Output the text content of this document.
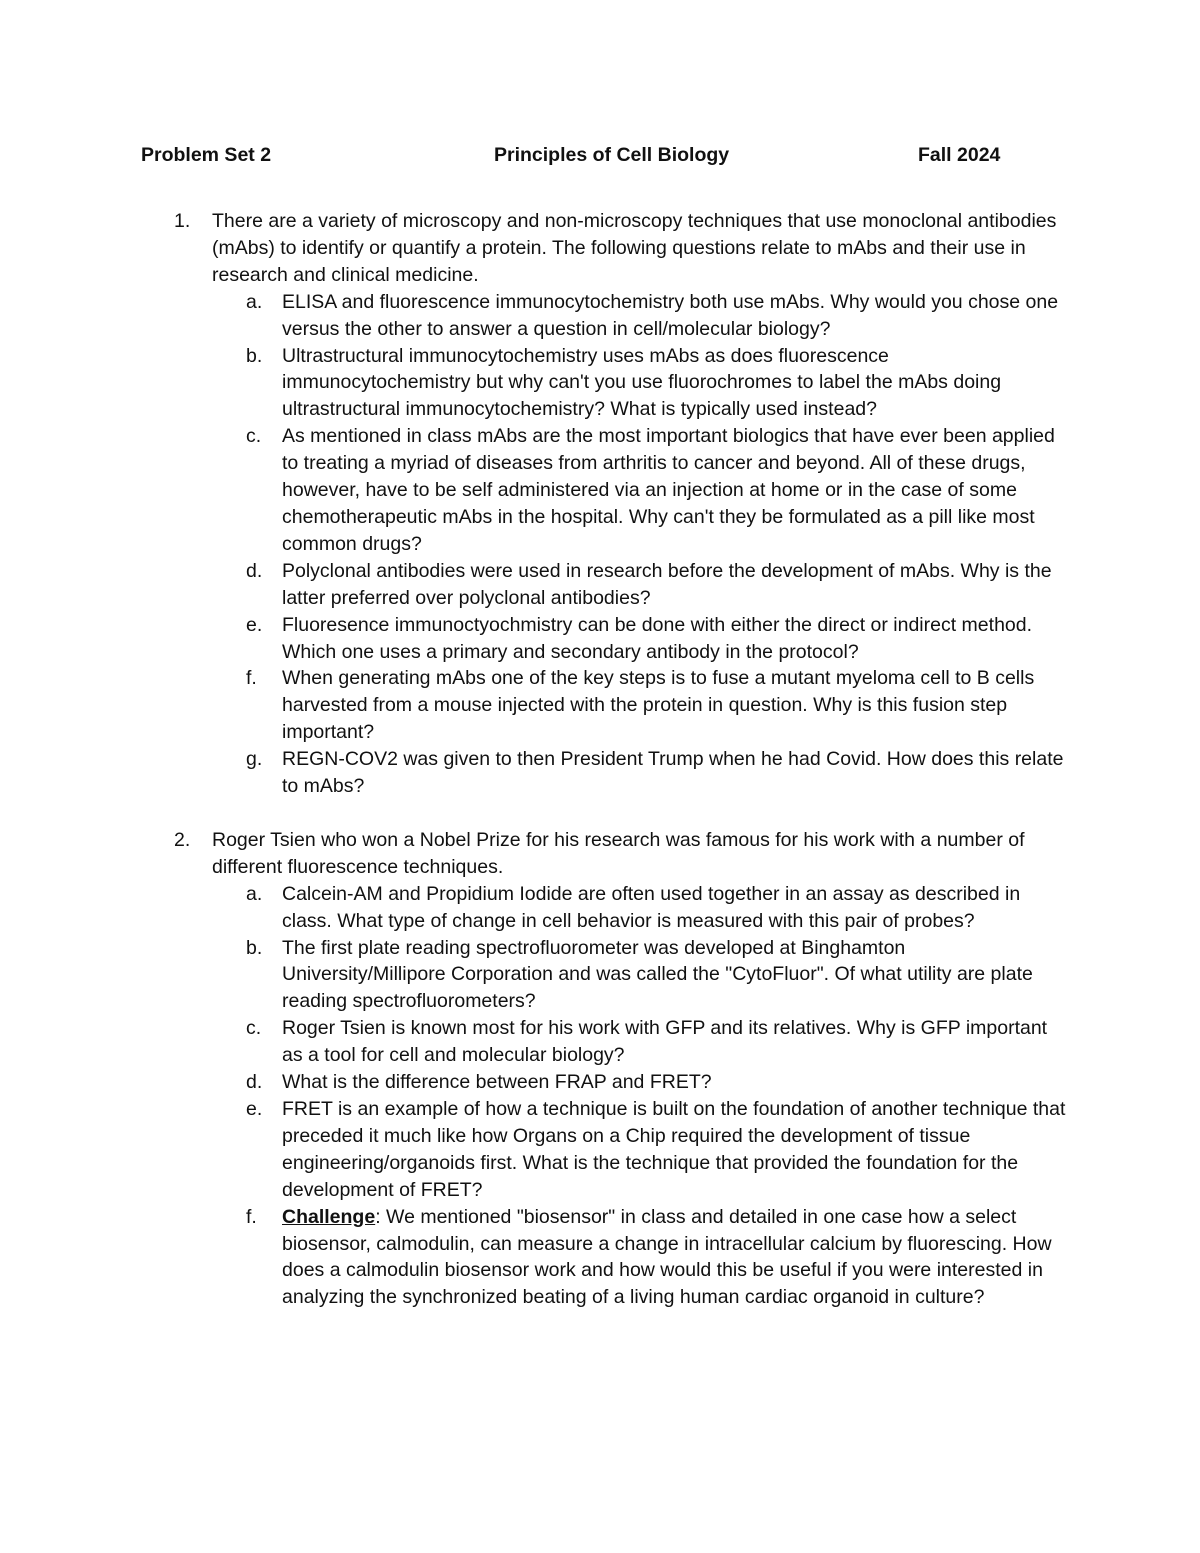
Problem Set 2	Principles of Cell Biology	Fall 2024
1. There are a variety of microscopy and non-microscopy techniques that use monoclonal antibodies (mAbs) to identify or quantify a protein. The following questions relate to mAbs and their use in research and clinical medicine.
a. ELISA and fluorescence immunocytochemistry both use mAbs. Why would you chose one versus the other to answer a question in cell/molecular biology?
b. Ultrastructural immunocytochemistry uses mAbs as does fluorescence immunocytochemistry but why can't you use fluorochromes to label the mAbs doing ultrastructural immunocytochemistry? What is typically used instead?
c. As mentioned in class mAbs are the most important biologics that have ever been applied to treating a myriad of diseases from arthritis to cancer and beyond. All of these drugs, however, have to be self administered via an injection at home or in the case of some chemotherapeutic mAbs in the hospital. Why can't they be formulated as a pill like most common drugs?
d. Polyclonal antibodies were used in research before the development of mAbs. Why is the latter preferred over polyclonal antibodies?
e. Fluoresence immunoctyochmistry can be done with either the direct or indirect method. Which one uses a primary and secondary antibody in the protocol?
f. When generating mAbs one of the key steps is to fuse a mutant myeloma cell to B cells harvested from a mouse injected with the protein in question. Why is this fusion step important?
g. REGN-COV2 was given to then President Trump when he had Covid. How does this relate to mAbs?
2. Roger Tsien who won a Nobel Prize for his research was famous for his work with a number of different fluorescence techniques.
a. Calcein-AM and Propidium Iodide are often used together in an assay as described in class. What type of change in cell behavior is measured with this pair of probes?
b. The first plate reading spectrofluorometer was developed at Binghamton University/Millipore Corporation and was called the "CytoFluor". Of what utility are plate reading spectrofluorometers?
c. Roger Tsien is known most for his work with GFP and its relatives. Why is GFP important as a tool for cell and molecular biology?
d. What is the difference between FRAP and FRET?
e. FRET is an example of how a technique is built on the foundation of another technique that preceded it much like how Organs on a Chip required the development of tissue engineering/organoids first. What is the technique that provided the foundation for the development of FRET?
f. Challenge: We mentioned "biosensor" in class and detailed in one case how a select biosensor, calmodulin, can measure a change in intracellular calcium by fluorescing. How does a calmodulin biosensor work and how would this be useful if you were interested in analyzing the synchronized beating of a living human cardiac organoid in culture?
